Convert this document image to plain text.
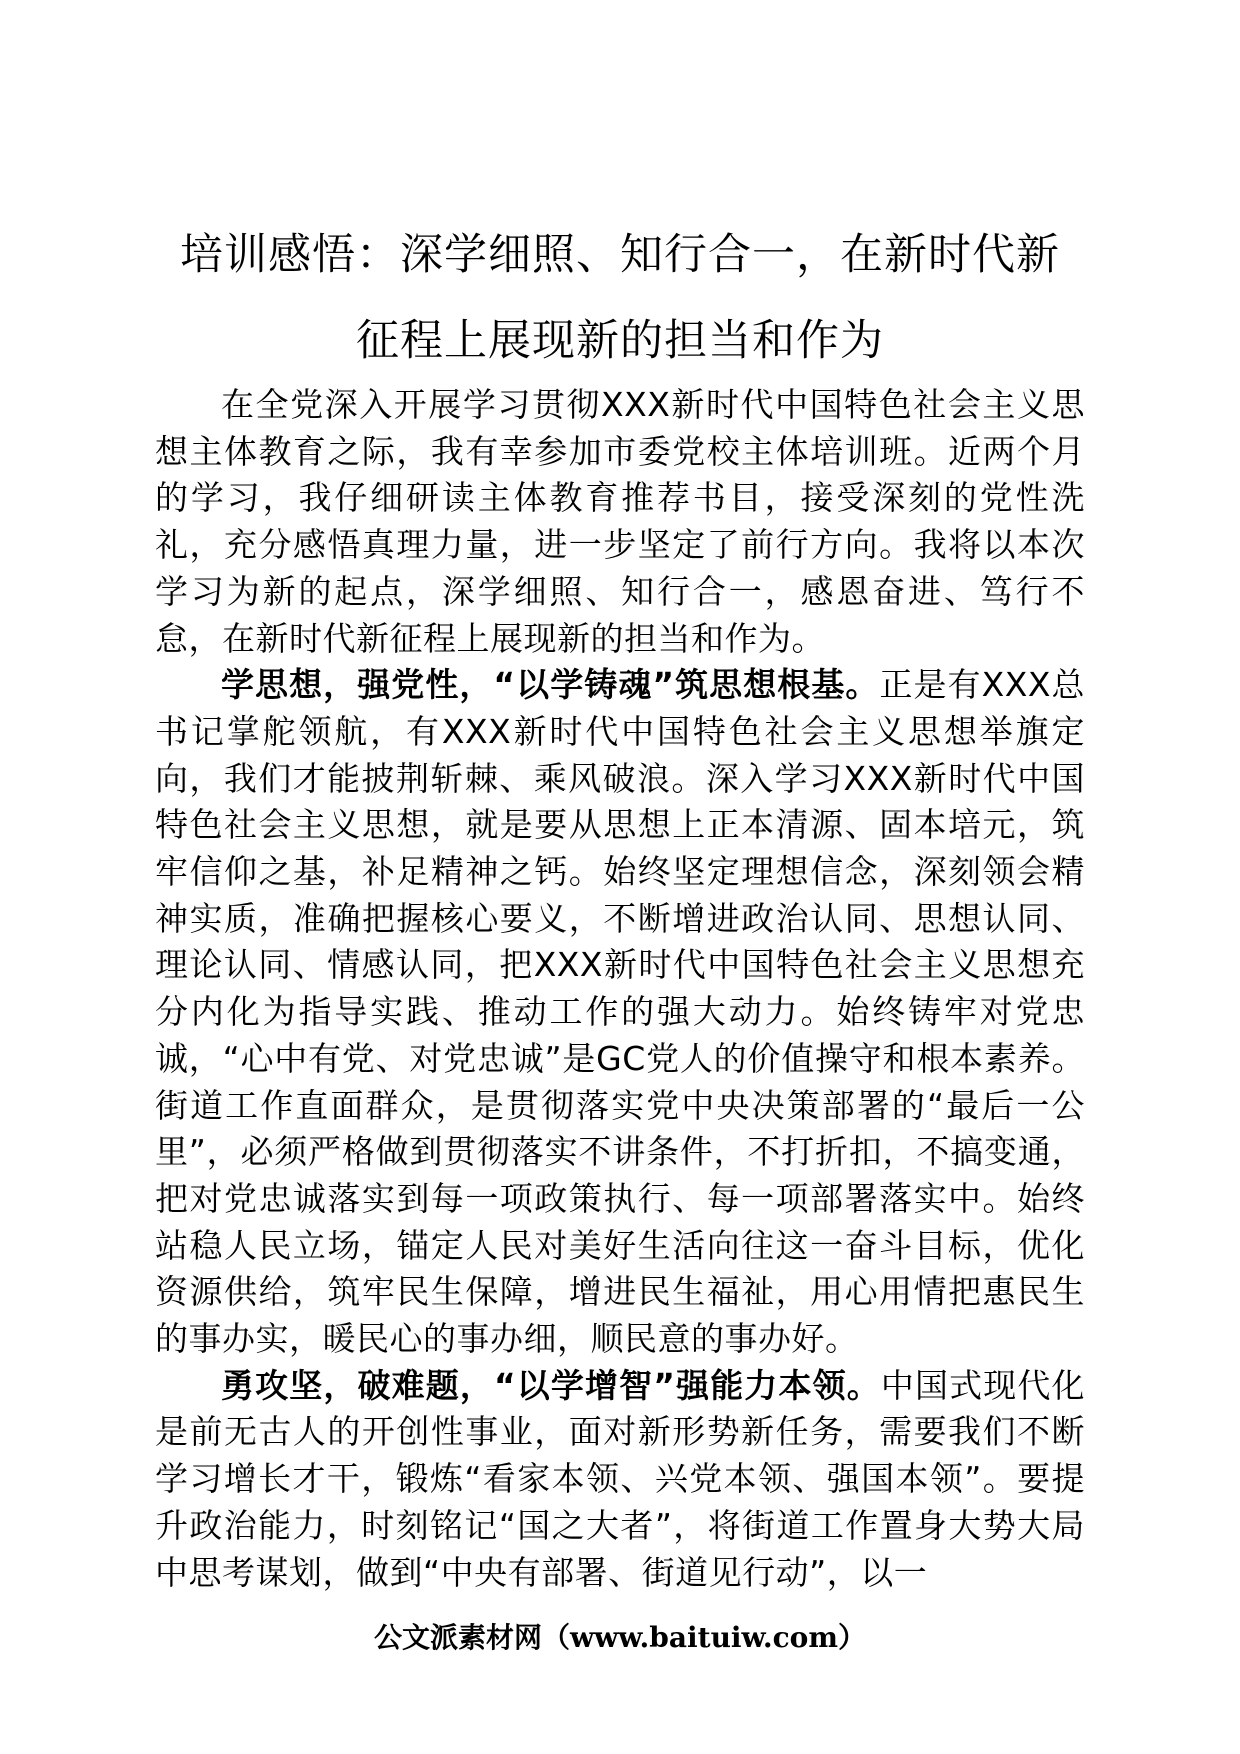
培训感悟：深学细照、知行合一，在新时代新
征程上展现新的担当和作为

在全党深入开展学习贯彻XXX新时代中国特色社会主义思想主体教育之际，我有幸参加市委党校主体培训班。近两个月的学习，我仔细研读主体教育推荐书目，接受深刻的党性洗礼，充分感悟真理力量，进一步坚定了前行方向。我将以本次学习为新的起点，深学细照、知行合一，感恩奋进、笃行不怠，在新时代新征程上展现新的担当和作为。

学思想，强党性，“以学铸魂”筑思想根基。正是有XXX总书记掌舵领航，有XXX新时代中国特色社会主义思想举旗定向，我们才能披荆斩棘、乘风破浪。深入学习XXX新时代中国特色社会主义思想，就是要从思想上正本清源、固本培元，筑牢信仰之基，补足精神之钙。始终坚定理想信念，深刻领会精神实质，准确把握核心要义，不断增进政治认同、思想认同、理论认同、情感认同，把XXX新时代中国特色社会主义思想充分内化为指导实践、推动工作的强大动力。始终铸牢对党忠诚，“心中有党、对党忠诚”是GC党人的价值操守和根本素养。街道工作直面群众，是贯彻落实党中央决策部署的“最后一公里”，必须严格做到贯彻落实不讲条件，不打折扣，不搞变通，把对党忠诚落实到每一项政策执行、每一项部署落实中。始终站稳人民立场，锚定人民对美好生活向往这一奋斗目标，优化资源供给，筑牢民生保障，增进民生福祉，用心用情把惠民生的事办实，暖民心的事办细，顺民意的事办好。

勇攻坚，破难题，“以学增智”强能力本领。中国式现代化是前无古人的开创性事业，面对新形势新任务，需要我们不断学习增长才干，锻炼“看家本领、兴党本领、强国本领”。要提升政治能力，时刻铭记“国之大者”，将街道工作置身大势大局中思考谋划，做到“中央有部署、街道见行动”，以一

公文派素材网（www.baituiw.com）
